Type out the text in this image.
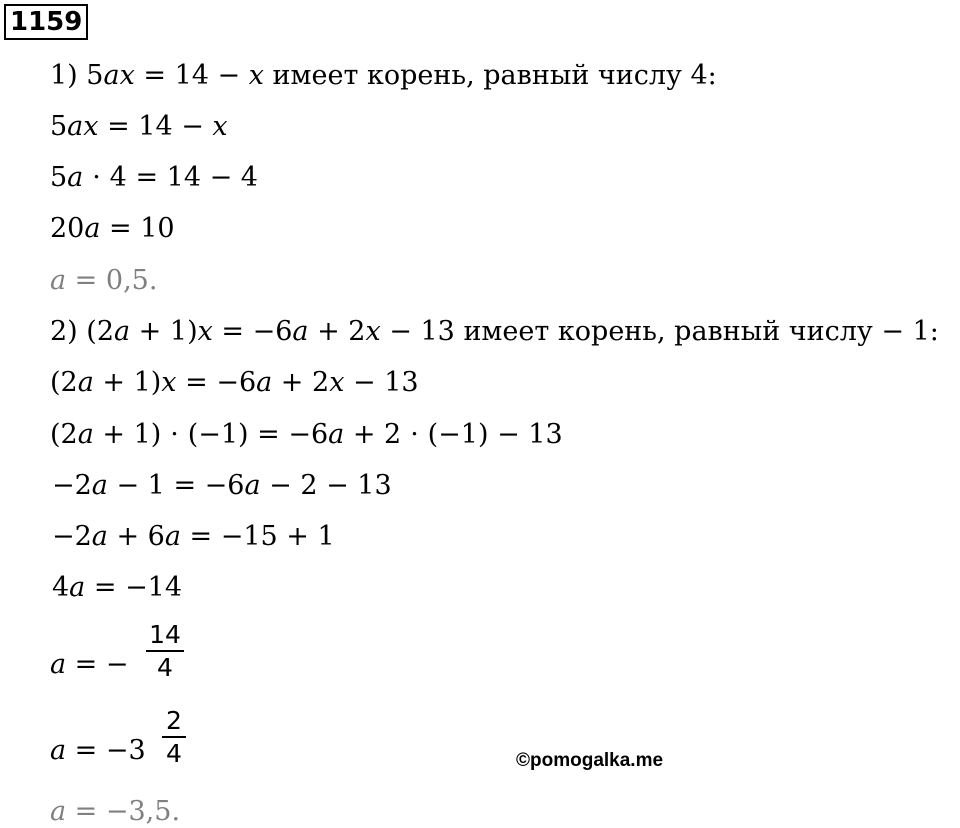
1159
1) 5𝑎𝑥 = 14 − 𝑥 имеет корень, равный числу 4:
5𝑎𝑥 = 14 − 𝑥
5𝑎 ⋅ 4 = 14 − 4
20𝑎 = 10
𝑎 = 0,5.
2) (2𝑎 + 1)𝑥 = −6𝑎 + 2𝑥 − 13 имеет корень, равный числу − 1:
(2𝑎 + 1)𝑥 = −6𝑎 + 2𝑥 − 13
(2𝑎 + 1) ⋅ (−1) = −6𝑎 + 2 ⋅ (−1) − 13
−2𝑎 − 1 = −6𝑎 − 2 − 13
−2𝑎 + 6𝑎 = −15 + 1
4𝑎 = −14
𝑎 = −
14
4
𝑎 = −3
2
4
𝑎 = −3,5.
©pomogalka.me
